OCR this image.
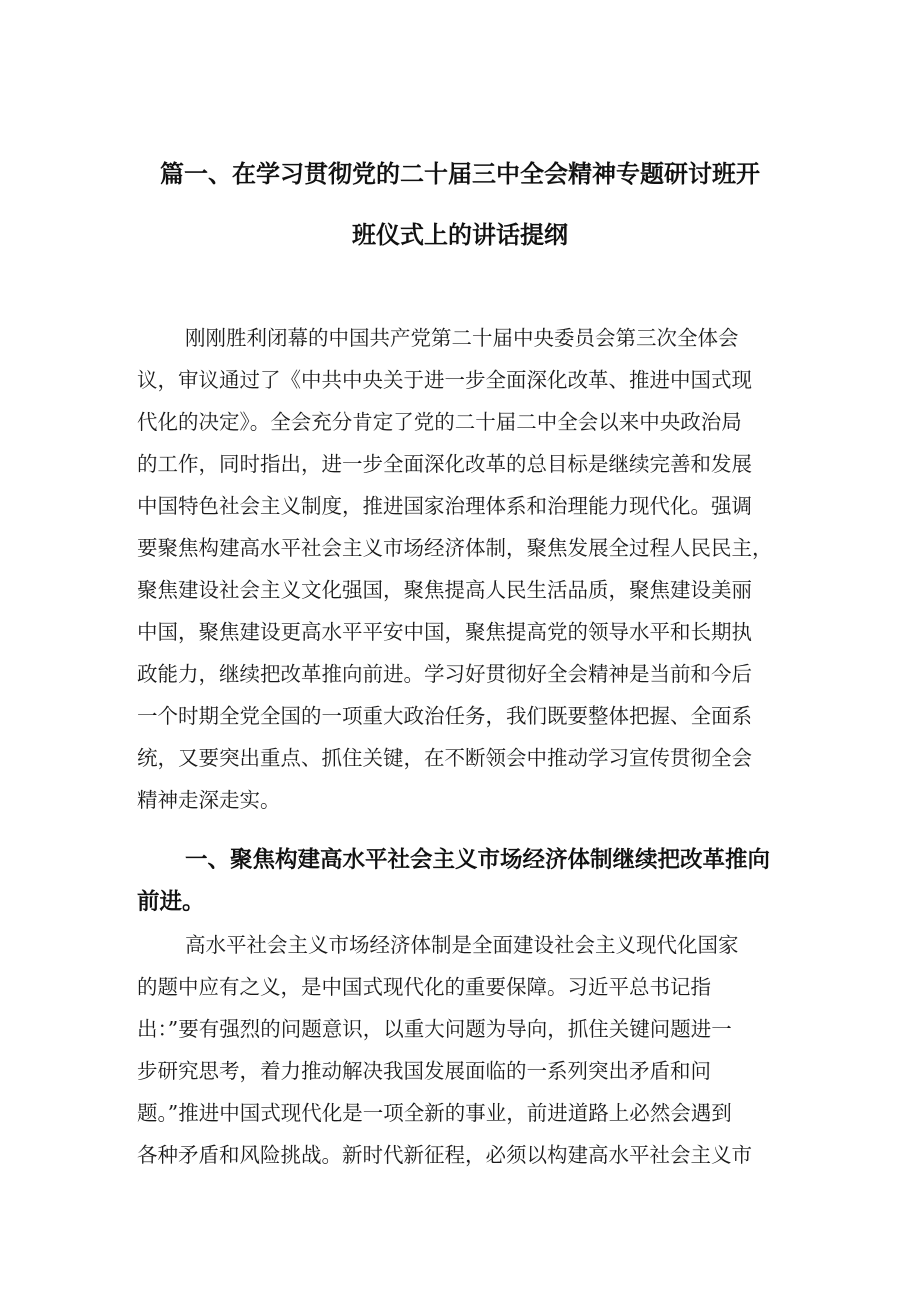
篇一、在学习贯彻党的二十届三中全会精神专题研讨班开
班仪式上的讲话提纲
刚刚胜利闭幕的中国共产党第二十届中央委员会第三次全体会
议，审议通过了《中共中央关于进一步全面深化改革、推进中国式现
代化的决定》。全会充分肯定了党的二十届二中全会以来中央政治局
的工作，同时指出，进一步全面深化改革的总目标是继续完善和发展
中国特色社会主义制度，推进国家治理体系和治理能力现代化。强调
要聚焦构建高水平社会主义市场经济体制，聚焦发展全过程人民民主，
聚焦建设社会主义文化强国，聚焦提高人民生活品质，聚焦建设美丽
中国，聚焦建设更高水平平安中国，聚焦提高党的领导水平和长期执
政能力，继续把改革推向前进。学习好贯彻好全会精神是当前和今后
一个时期全党全国的一项重大政治任务，我们既要整体把握、全面系
统，又要突出重点、抓住关键，在不断领会中推动学习宣传贯彻全会
精神走深走实。
一、聚焦构建高水平社会主义市场经济体制继续把改革推向
前进。
高水平社会主义市场经济体制是全面建设社会主义现代化国家
的题中应有之义，是中国式现代化的重要保障。习近平总书记指
出：”要有强烈的问题意识，以重大问题为导向，抓住关键问题进一
步研究思考，着力推动解决我国发展面临的一系列突出矛盾和问
题。”推进中国式现代化是一项全新的事业，前进道路上必然会遇到
各种矛盾和风险挑战。新时代新征程，必须以构建高水平社会主义市
